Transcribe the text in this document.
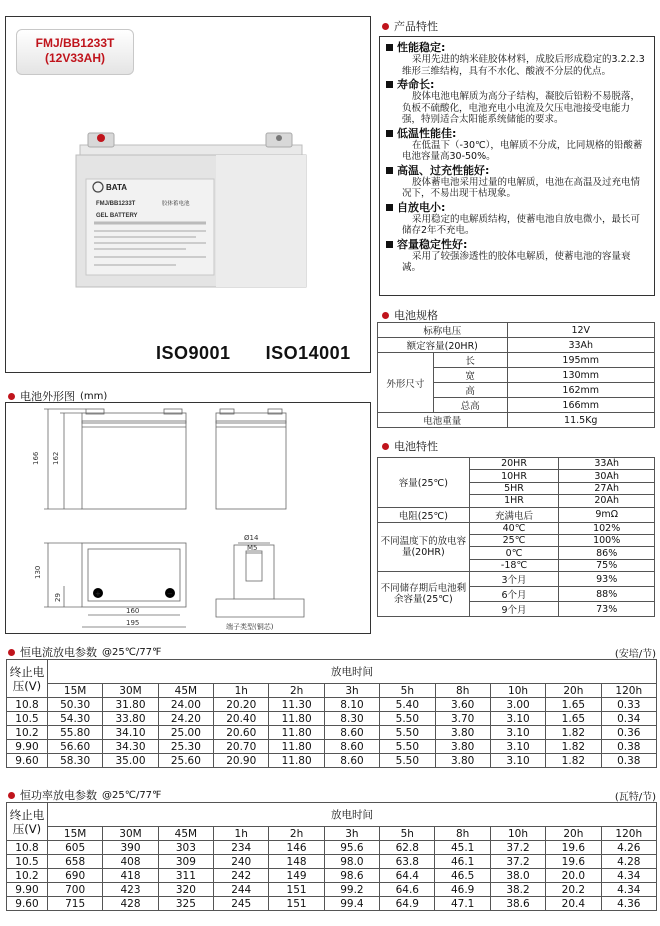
FMJ/BB1233T
(12V33AH)
BATA
FMJ/BB1233T
GEL BATTERY
胶体蓄电池
ISO9001 ISO14001
产品特性
性能稳定:
采用先进的纳米硅胶体材料，成胶后形成稳定的3.2.2.3维形三维结构，具有不水化、酸液不分层的优点。
寿命长:
胶体电池电解质为高分子结构，凝胶后铅粉不易脱落，负板不硫酸化，电池充电小电流及欠压电池接受电能力强，特别适合太阳能系统储能的要求。
低温性能佳:
在低温下（-30℃），电解质不分成，比同规格的铅酸蓄电池容量高30-50%。
高温、过充性能好:
胶体蓄电池采用过量的电解质，电池在高温及过充电情况下，不易出现干枯现象。
自放电小:
采用稳定的电解质结构，使蓄电池自放电微小，最长可储存2年不充电。
容量稳定性好:
采用了较强渗透性的胶体电解质，使蓄电池的容量衰减。
电池规格
标称电压		12V
额定容量(20HR)		33Ah
外形尺寸	长	195mm
	宽	130mm
	高	162mm
	总高	166mm
电池重量		11.5Kg
电池特性
容量(25℃)	20HR	33Ah
	10HR	30Ah
	5HR	27Ah
	1HR	20Ah
电阻(25℃)	充满电后	9mΩ
不同温度下的放电容量(20HR)	40℃	102%
	25℃	100%
	0℃	86%
	-18℃	75%
不同储存期后电池剩余容量(25℃)	3个月	93%
	6个月	88%
	9个月	73%
电池外形图 (mm)
166 162
+	−
130
29
160
195
Ø14
M5
端子类型(铜芯)
恒电流放电参数 @25℃/77℉	(安培/节)
终止电压(V)	放电时间										
	15M	30M	45M	1h	2h	3h	5h	8h	10h	20h	120h
10.8	50.30	31.80	24.00	20.20	11.30	8.10	5.40	3.60	3.00	1.65	0.33
10.5	54.30	33.80	24.20	20.40	11.80	8.30	5.50	3.70	3.10	1.65	0.34
10.2	55.80	34.10	25.00	20.60	11.80	8.60	5.50	3.80	3.10	1.82	0.36
9.90	56.60	34.30	25.30	20.70	11.80	8.60	5.50	3.80	3.10	1.82	0.38
9.60	58.30	35.00	25.60	20.90	11.80	8.60	5.50	3.80	3.10	1.82	0.38
恒功率放电参数 @25℃/77℉	(瓦特/节)
终止电压(V)	放电时间										
	15M	30M	45M	1h	2h	3h	5h	8h	10h	20h	120h
10.8	605	390	303	234	146	95.6	62.8	45.1	37.2	19.6	4.26
10.5	658	408	309	240	148	98.0	63.8	46.1	37.2	19.6	4.28
10.2	690	418	311	242	149	98.6	64.4	46.5	38.0	20.0	4.34
9.90	700	423	320	244	151	99.2	64.6	46.9	38.2	20.2	4.34
9.60	715	428	325	245	151	99.4	64.9	47.1	38.6	20.4	4.36
